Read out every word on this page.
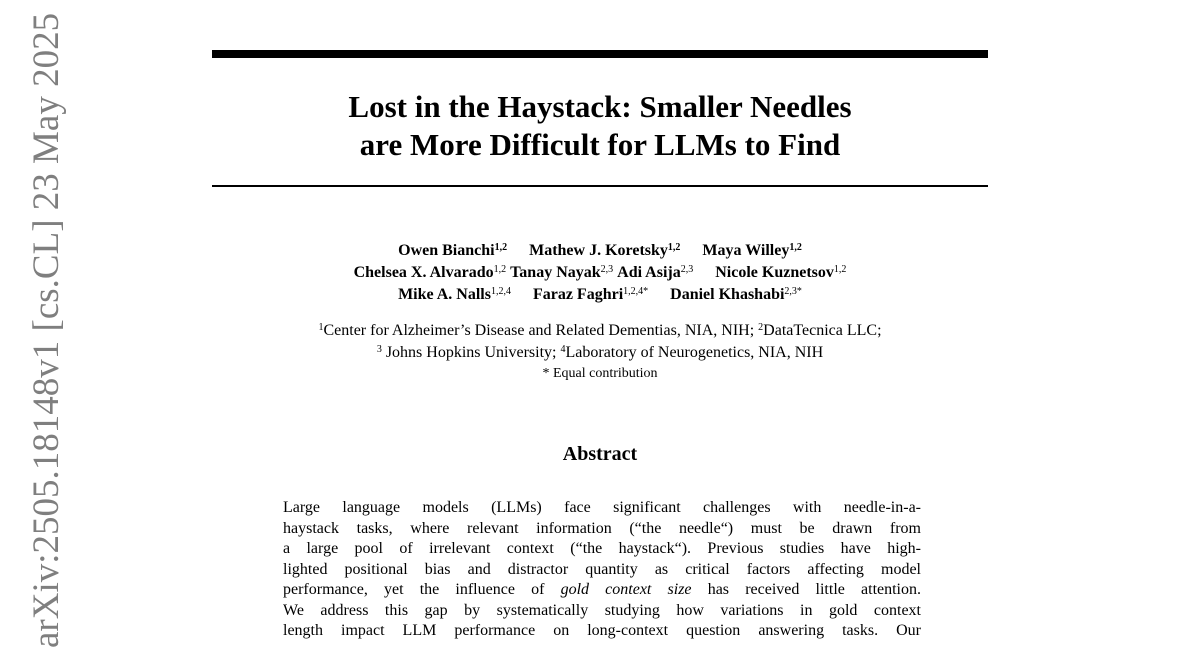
arXiv:2505.18148v1 [cs.CL] 23 May 2025	Lost in the Haystack: Smaller Needles
are More Difficult for LLMs to Find
Owen Bianchi$^{1,2}$ Mathew J. Koretsky$^{1,2}$ Maya Willey$^{1,2}$
Chelsea X. Alvarado$^{1,2}$ Tanay Nayak$^{2,3}$ Adi Asija$^{2,3}$ Nicole Kuznetsov$^{1,2}$
Mike A. Nalls$^{1,2,4}$ Faraz Faghri$^{1,2,4*}$ Daniel Khashabi$^{2,3*}$
$^1$Center for Alzheimer’s Disease and Related Dementias, NIA, NIH; $^2$DataTecnica LLC;
$^3$ Johns Hopkins University; $^4$Laboratory of Neurogenetics, NIA, NIH
* Equal contribution
Abstract
Large language models (LLMs) face significant challenges with needle-in-a-
haystack tasks, where relevant information (“the needle“) must be drawn from
a large pool of irrelevant context (“the haystack“). Previous studies have high-
lighted positional bias and distractor quantity as critical factors affecting model
performance, yet the influence of gold context size has received little attention.
We address this gap by systematically studying how variations in gold context
length impact LLM performance on long-context question answering tasks. Our
